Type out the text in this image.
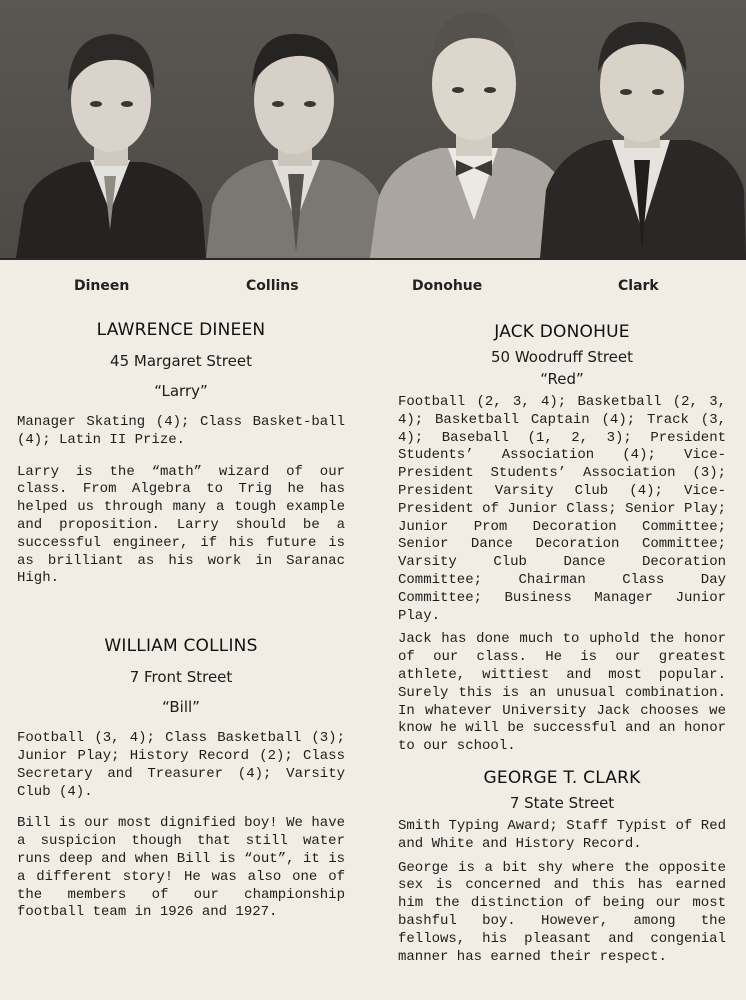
Dineen	Collins	Donohue	Clark
LAWRENCE DINEEN
45 Margaret Street
“Larry”

Manager Skating (4); Class Basket-ball (4); Latin II Prize.

Larry is the “math” wizard of our class. From Algebra to Trig he has helped us through many a tough example and proposition. Larry should be a successful engineer, if his future is as brilliant as his work in Saranac High.

WILLIAM COLLINS
7 Front Street
“Bill”

Football (3, 4); Class Basketball (3); Junior Play; History Record (2); Class Secretary and Treasurer (4); Varsity Club (4).

Bill is our most dignified boy! We have a suspicion though that still water runs deep and when Bill is “out”, it is a different story! He was also one of the members of our championship football team in 1926 and 1927.

JACK DONOHUE
50 Woodruff Street
“Red”

Football (2, 3, 4); Basketball (2, 3, 4); Basketball Captain (4); Track (3, 4); Baseball (1, 2, 3); President Students’ Association (4); Vice-President Students’ Association (3); President Varsity Club (4); Vice-President of Junior Class; Senior Play; Junior Prom Decoration Committee; Senior Dance Decoration Committee; Varsity Club Dance Decoration Committee; Chairman Class Day Committee; Business Manager Junior Play.

Jack has done much to uphold the honor of our class. He is our greatest athlete, wittiest and most popular. Surely this is an unusual combination. In whatever University Jack chooses we know he will be successful and an honor to our school.

GEORGE T. CLARK
7 State Street

Smith Typing Award; Staff Typist of Red and White and History Record.

George is a bit shy where the opposite sex is concerned and this has earned him the distinction of being our most bashful boy. However, among the fellows, his pleasant and congenial manner has earned their respect.
